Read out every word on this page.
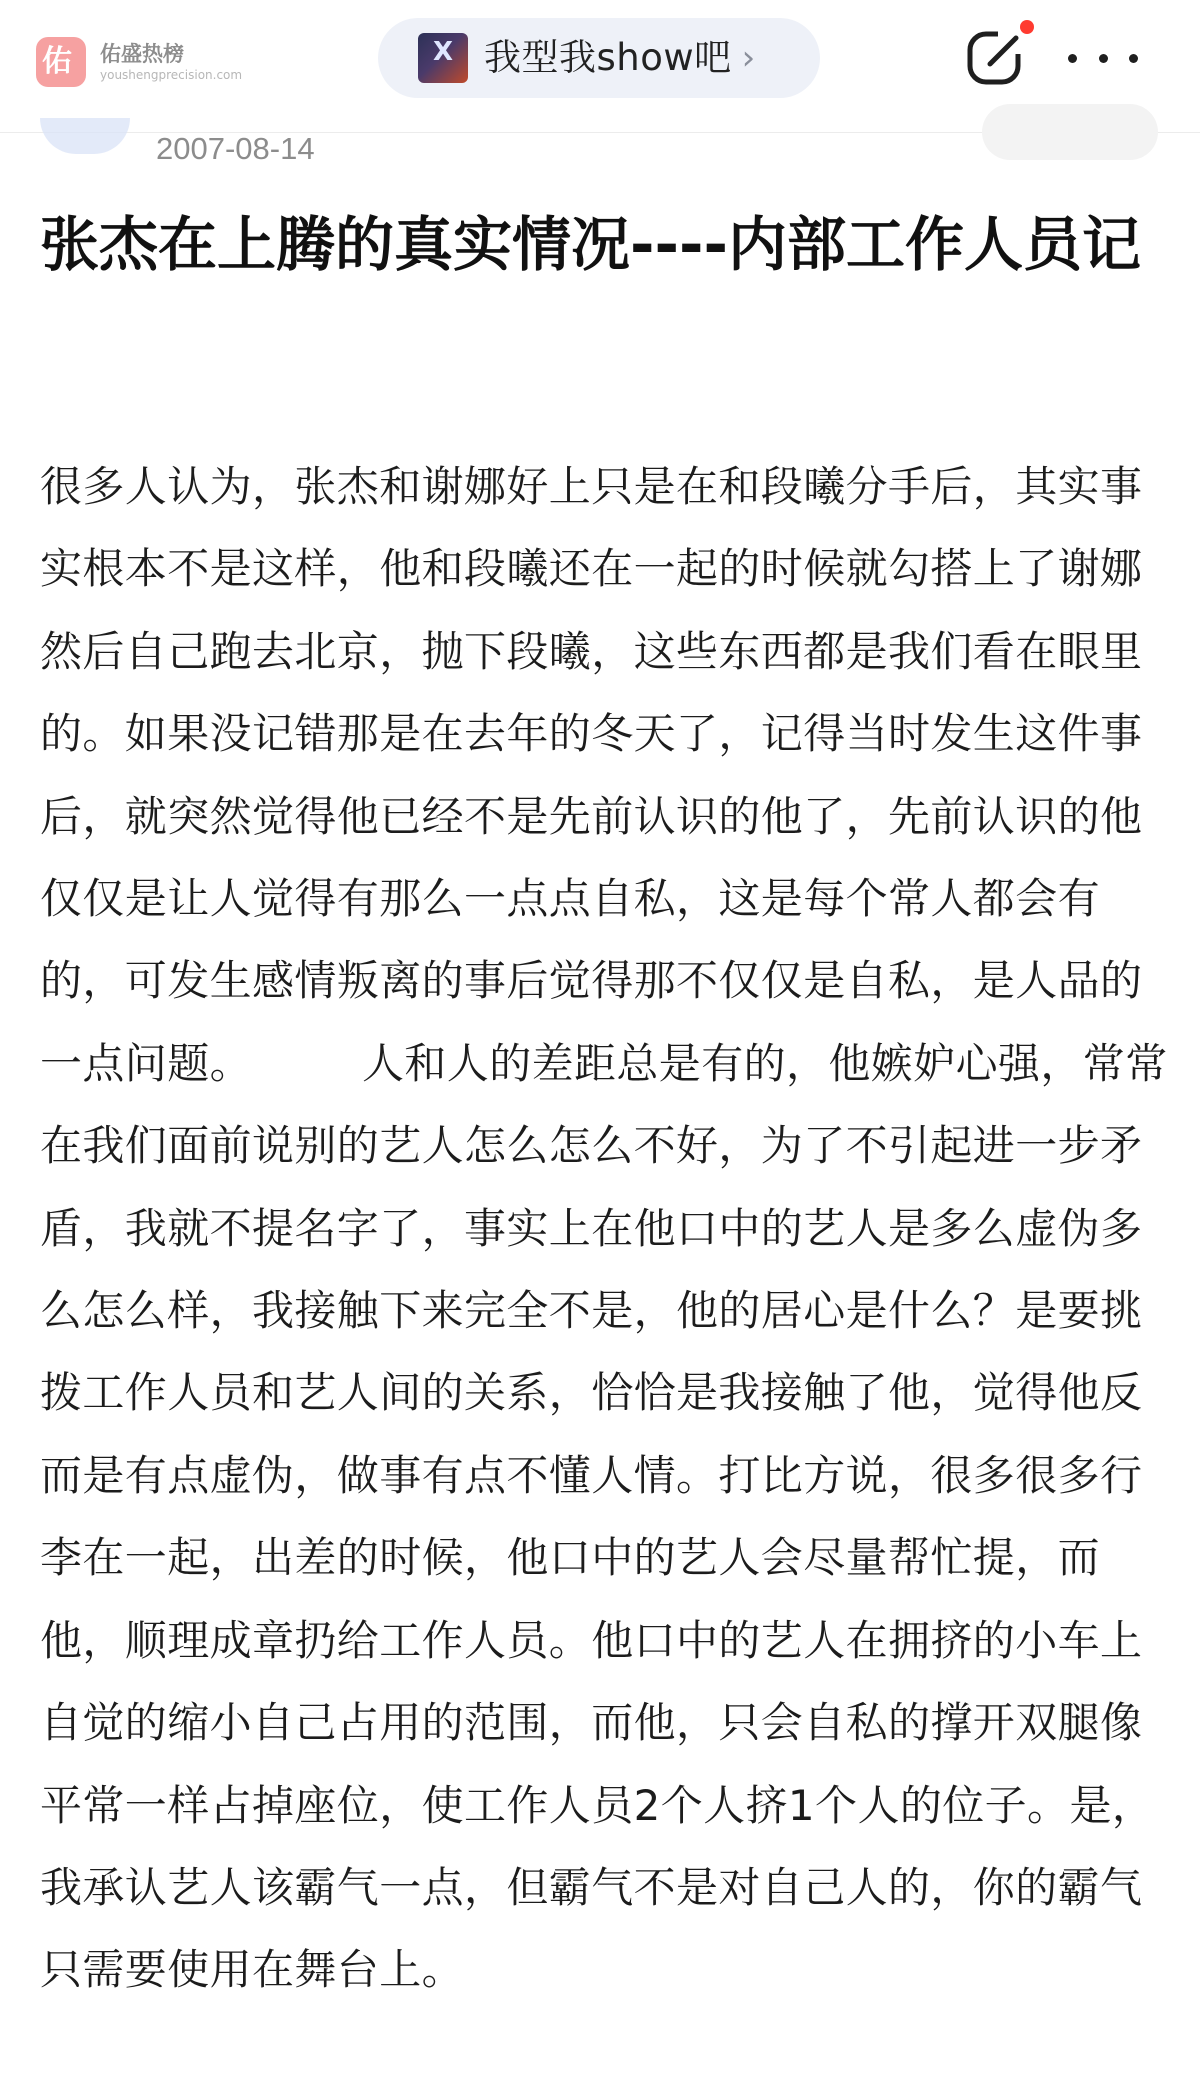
佑 佑盛热榜
youshengprecision.com
X 我型我show吧 ›
2007-08-14
张杰在上腾的真实情况----内部工作人员记

很多人认为，张杰和谢娜好上只是在和段曦分手后，其实事实根本不是这样，他和段曦还在一起的时候就勾搭上了谢娜然后自己跑去北京，抛下段曦，这些东西都是我们看在眼里的。如果没记错那是在去年的冬天了，记得当时发生这件事后，就突然觉得他已经不是先前认识的他了，先前认识的他仅仅是让人觉得有那么一点点自私，这是每个常人都会有的，可发生感情叛离的事后觉得那不仅仅是自私，是人品的一点问题。        人和人的差距总是有的，他嫉妒心强，常常在我们面前说别的艺人怎么怎么不好，为了不引起进一步矛盾，我就不提名字了，事实上在他口中的艺人是多么虚伪多么怎么样，我接触下来完全不是，他的居心是什么？是要挑拨工作人员和艺人间的关系，恰恰是我接触了他，觉得他反而是有点虚伪，做事有点不懂人情。打比方说，很多很多行李在一起，出差的时候，他口中的艺人会尽量帮忙提，而他，顺理成章扔给工作人员。他口中的艺人在拥挤的小车上自觉的缩小自己占用的范围，而他，只会自私的撑开双腿像平常一样占掉座位，使工作人员2个人挤1个人的位子。是，我承认艺人该霸气一点，但霸气不是对自己人的，你的霸气只需要使用在舞台上。
